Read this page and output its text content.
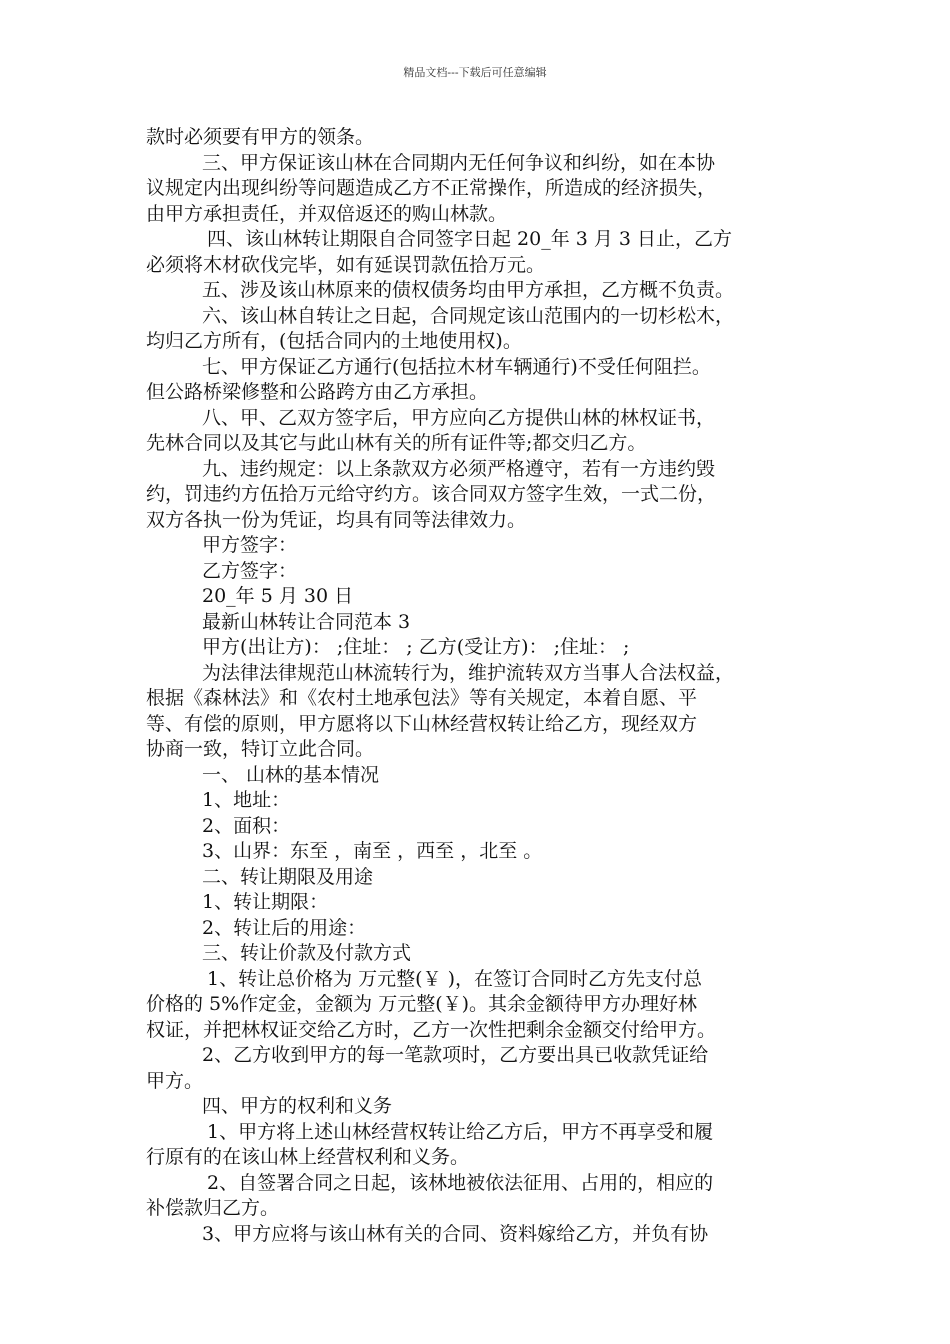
精品文档---下载后可任意编辑

款时必须要有甲方的领条。

三、甲方保证该山林在合同期内无任何争议和纠纷，如在本协

议规定内出现纠纷等问题造成乙方不正常操作，所造成的经济损失，

由甲方承担责任，并双倍返还的购山林款。

四、该山林转让期限自合同签字日起 20_年 3 月 3 日止，乙方

必须将木材砍伐完毕，如有延误罚款伍拾万元。

五、涉及该山林原来的债权债务均由甲方承担，乙方概不负责。

六、该山林自转让之日起，合同规定该山范围内的一切杉松木，

均归乙方所有，(包括合同内的土地使用权)。

七、甲方保证乙方通行(包括拉木材车辆通行)不受任何阻拦。

但公路桥梁修整和公路跨方由乙方承担。

八、甲、乙双方签字后，甲方应向乙方提供山林的林权证书，

先林合同以及其它与此山林有关的所有证件等;都交归乙方。

九、违约规定：以上条款双方必须严格遵守，若有一方违约毁

约，罚违约方伍拾万元给守约方。该合同双方签字生效，一式二份，

双方各执一份为凭证，均具有同等法律效力。

甲方签字：

乙方签字：

20_年 5 月 30 日

最新山林转让合同范本 3

甲方(出让方)： ;住址： ; 乙方(受让方)： ;住址： ;

为法律法律规范山林流转行为，维护流转双方当事人合法权益，

根据《森林法》和《农村土地承包法》等有关规定，本着自愿、平

等、有偿的原则，甲方愿将以下山林经营权转让给乙方，现经双方

协商一致，特订立此合同。

一、 山林的基本情况

1、地址：

2、面积：

3、山界：东至 ，南至 ，西至 ，北至 。

二、转让期限及用途

1、转让期限：

2、转让后的用途：

三、转让价款及付款方式

1、转让总价格为 万元整(￥ )，在签订合同时乙方先支付总

价格的 5%作定金，金额为 万元整(￥)。其余金额待甲方办理好林

权证，并把林权证交给乙方时，乙方一次性把剩余金额交付给甲方。

2、乙方收到甲方的每一笔款项时，乙方要出具已收款凭证给

甲方。

四、甲方的权利和义务

1、甲方将上述山林经营权转让给乙方后，甲方不再享受和履

行原有的在该山林上经营权利和义务。

2、自签署合同之日起，该林地被依法征用、占用的，相应的

补偿款归乙方。

3、甲方应将与该山林有关的合同、资料嫁给乙方，并负有协
